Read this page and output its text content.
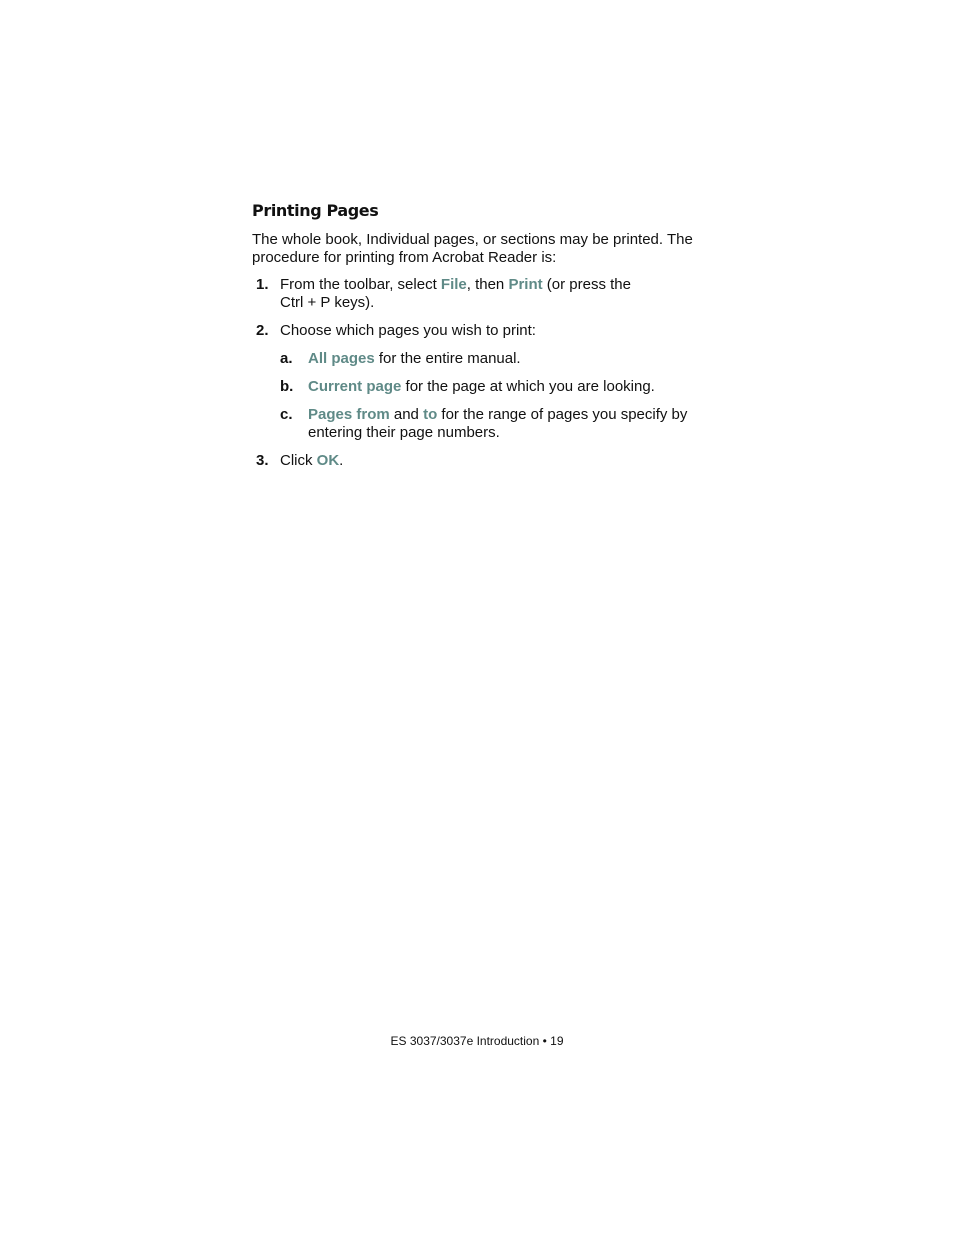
Printing Pages

The whole book, Individual pages, or sections may be printed. The procedure for printing from Acrobat Reader is:

1. From the toolbar, select File, then Print (or press the
Ctrl + P keys).
2. Choose which pages you wish to print:
a. All pages for the entire manual.
b. Current page for the page at which you are looking.
c. Pages from and to for the range of pages you specify by entering their page numbers.
3. Click OK.
ES 3037/3037e Introduction • 19
